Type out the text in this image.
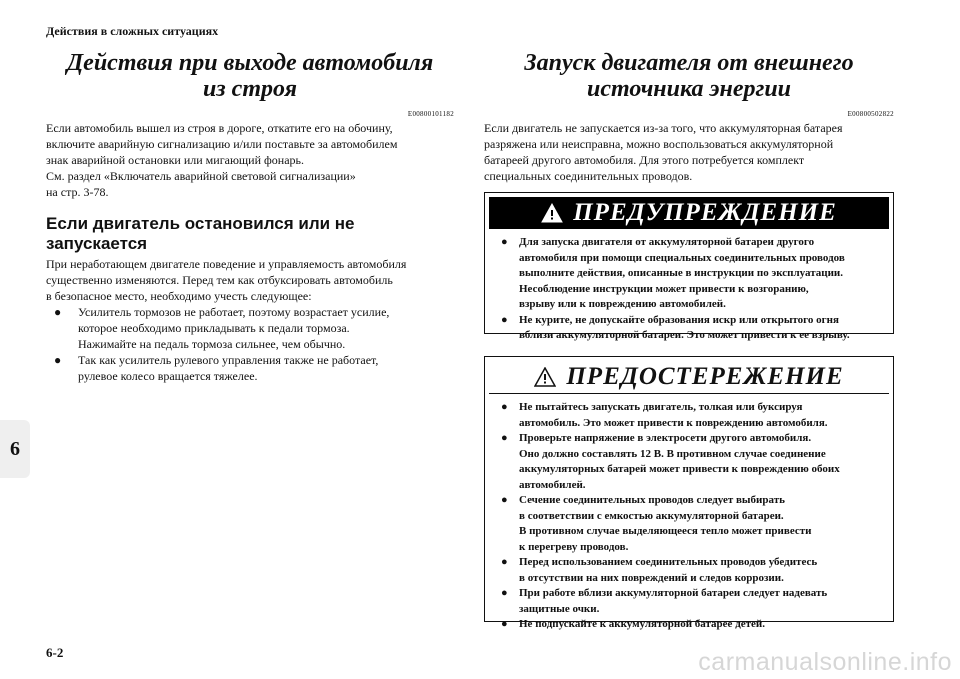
Действия в сложных ситуациях
6
Действия при выходе автомобиля
из строя
E00800101182

Если автомобиль вышел из строя в дороге, откатите его на обочину,
включите аварийную сигнализацию и/или поставьте за автомобилем
знак аварийной остановки или мигающий фонарь.
См. раздел «Включатель аварийной световой сигнализации»
на стр. 3-78.

Если двигатель остановился или не запускается

При неработающем двигателе поведение и управляемость автомобиля
существенно изменяются. Перед тем как отбуксировать автомобиль
в безопасное место, необходимо учесть следующее:

● Усилитель тормозов не работает, поэтому возрастает усилие,
которое необходимо прикладывать к педали тормоза.
Нажимайте на педаль тормоза сильнее, чем обычно.
● Так как усилитель рулевого управления также не работает,
рулевое колесо вращается тяжелее.
Запуск двигателя от внешнего
источника энергии
E00800502822

Если двигатель не запускается из-за того, что аккумуляторная батарея
разряжена или неисправна, можно воспользоваться аккумуляторной
батареей другого автомобиля. Для этого потребуется комплект
специальных соединительных проводов.

ПРЕДУПРЕЖДЕНИЕ
● Для запуска двигателя от аккумуляторной батареи другого
автомобиля при помощи специальных соединительных проводов
выполните действия, описанные в инструкции по эксплуатации.
Несоблюдение инструкции может привести к возгоранию,
взрыву или к повреждению автомобилей.
● Не курите, не допускайте образования искр или открытого огня
вблизи аккумуляторной батареи. Это может привести к ее взрыву.
ПРЕДОСТЕРЕЖЕНИЕ
● Не пытайтесь запускать двигатель, толкая или буксируя
автомобиль. Это может привести к повреждению автомобиля.
● Проверьте напряжение в электросети другого автомобиля.
Оно должно составлять 12 В. В противном случае соединение
аккумуляторных батарей может привести к повреждению обоих
автомобилей.
● Сечение соединительных проводов следует выбирать
в соответствии с емкостью аккумуляторной батареи.
В противном случае выделяющееся тепло может привести
к перегреву проводов.
● Перед использованием соединительных проводов убедитесь
в отсутствии на них повреждений и следов коррозии.
● При работе вблизи аккумуляторной батареи следует надевать
защитные очки.
● Не подпускайте к аккумуляторной батарее детей.
6-2	carmanualsonline.info
